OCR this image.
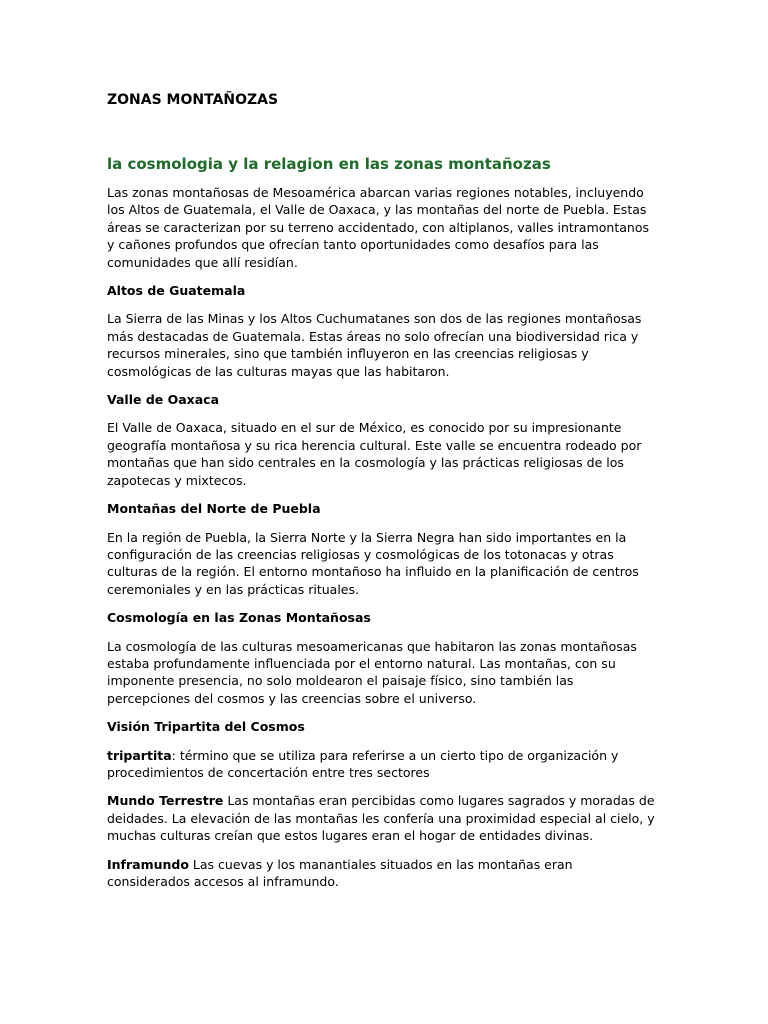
ZONAS MONTAÑOZAS
la cosmologia y la relagion en las zonas montañozas

Las zonas montañosas de Mesoamérica abarcan varias regiones notables, incluyendo los Altos de Guatemala, el Valle de Oaxaca, y las montañas del norte de Puebla. Estas áreas se caracterizan por su terreno accidentado, con altiplanos, valles intramontanos y cañones profundos que ofrecían tanto oportunidades como desafíos para las comunidades que allí residían.

Altos de Guatemala

La Sierra de las Minas y los Altos Cuchumatanes son dos de las regiones montañosas más destacadas de Guatemala. Estas áreas no solo ofrecían una biodiversidad rica y recursos minerales, sino que también influyeron en las creencias religiosas y cosmológicas de las culturas mayas que las habitaron.

Valle de Oaxaca

El Valle de Oaxaca, situado en el sur de México, es conocido por su impresionante geografía montañosa y su rica herencia cultural. Este valle se encuentra rodeado por montañas que han sido centrales en la cosmología y las prácticas religiosas de los zapotecas y mixtecos.

Montañas del Norte de Puebla

En la región de Puebla, la Sierra Norte y la Sierra Negra han sido importantes en la configuración de las creencias religiosas y cosmológicas de los totonacas y otras culturas de la región. El entorno montañoso ha influido en la planificación de centros ceremoniales y en las prácticas rituales.

Cosmología en las Zonas Montañosas

La cosmología de las culturas mesoamericanas que habitaron las zonas montañosas estaba profundamente influenciada por el entorno natural. Las montañas, con su imponente presencia, no solo moldearon el paisaje físico, sino también las percepciones del cosmos y las creencias sobre el universo.

Visión Tripartita del Cosmos

tripartita: término que se utiliza para referirse a un cierto tipo de organización y procedimientos de concertación entre tres sectores

Mundo Terrestre Las montañas eran percibidas como lugares sagrados y moradas de deidades. La elevación de las montañas les confería una proximidad especial al cielo, y muchas culturas creían que estos lugares eran el hogar de entidades divinas.

Inframundo Las cuevas y los manantiales situados en las montañas eran considerados accesos al inframundo.
